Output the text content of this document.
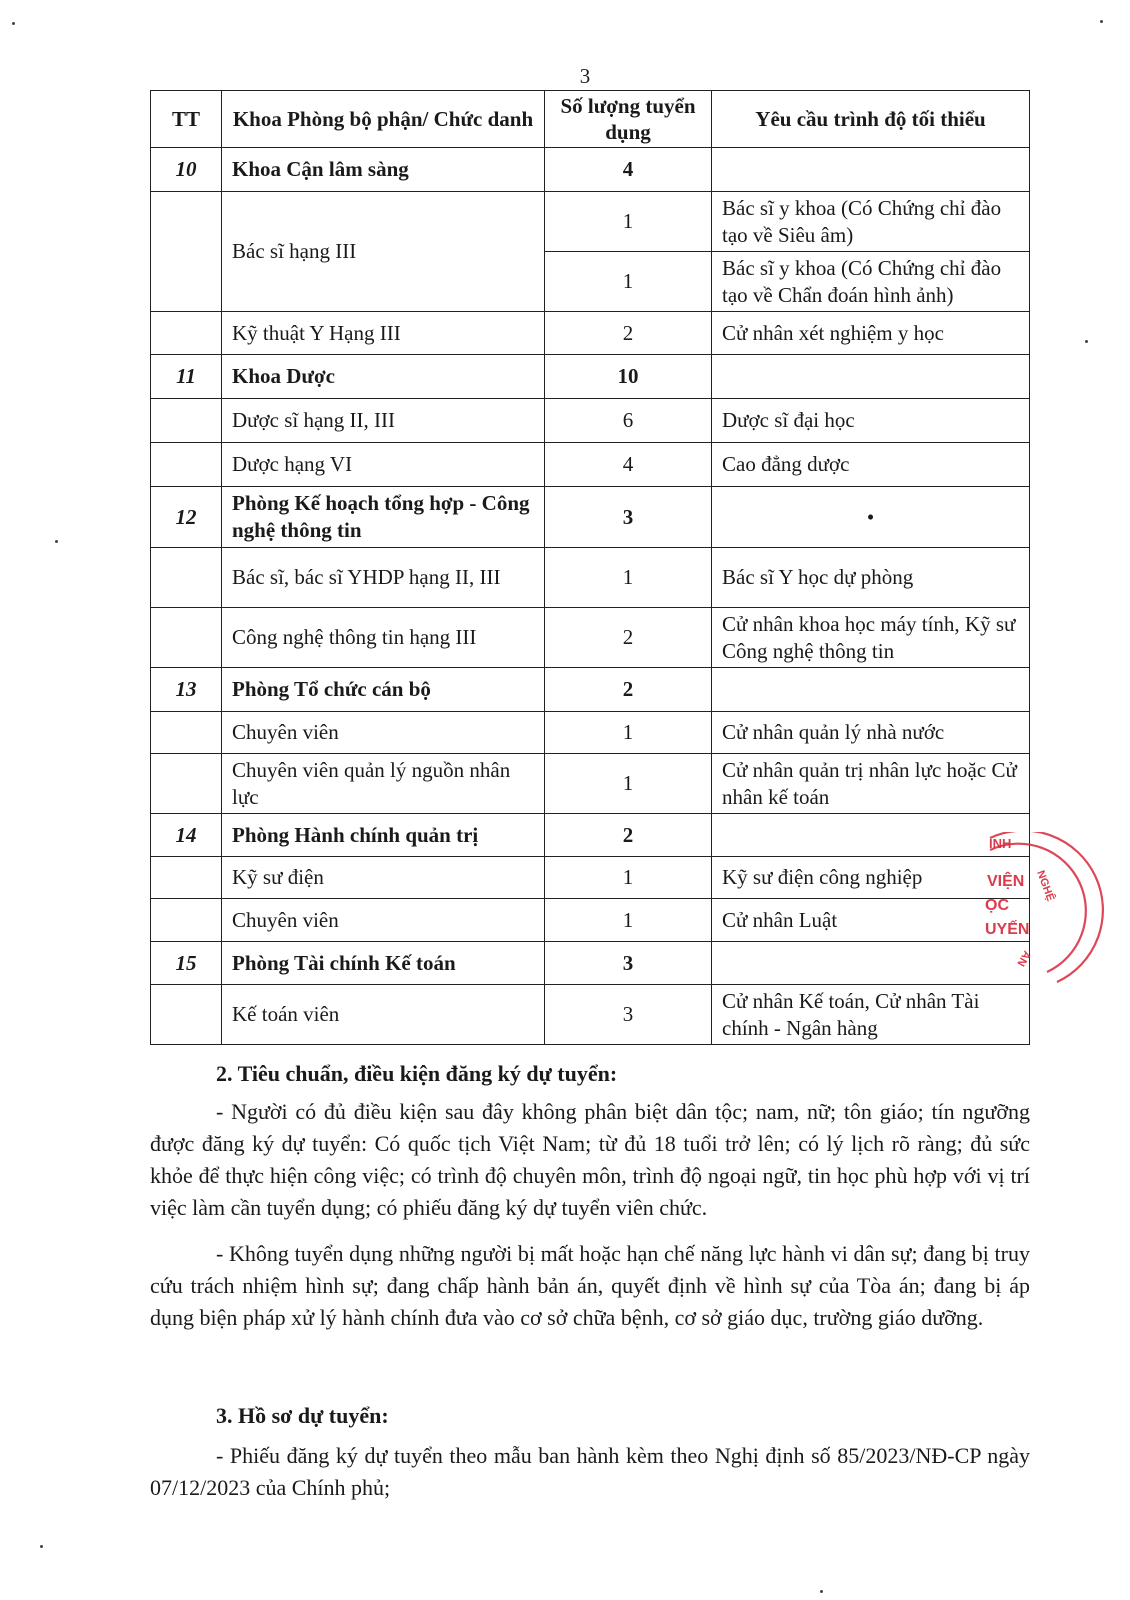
3
TT	Khoa Phòng bộ phận/ Chức danh	Số lượng tuyển dụng	Yêu cầu trình độ tối thiểu
10	Khoa Cận lâm sàng	4	
	Bác sĩ hạng III	1	Bác sĩ y khoa (Có Chứng chỉ đào tạo về Siêu âm)
		1	Bác sĩ y khoa (Có Chứng chỉ đào tạo về Chẩn đoán hình ảnh)
	Kỹ thuật Y Hạng III	2	Cử nhân xét nghiệm y học
11	Khoa Dược	10	
	Dược sĩ hạng II, III	6	Dược sĩ đại học
	Dược hạng VI	4	Cao đẳng dược
12	Phòng Kế hoạch tổng hợp - Công nghệ thông tin	3	•
	Bác sĩ, bác sĩ YHDP hạng II, III	1	Bác sĩ Y học dự phòng
	Công nghệ thông tin hạng III	2	Cử nhân khoa học máy tính, Kỹ sư Công nghệ thông tin
13	Phòng Tổ chức cán bộ	2	
	Chuyên viên	1	Cử nhân quản lý nhà nước
	Chuyên viên quản lý nguồn nhân lực	1	Cử nhân quản trị nhân lực hoặc Cử nhân kế toán
14	Phòng Hành chính quản trị	2	
	Kỹ sư điện	1	Kỹ sư điện công nghiệp
	Chuyên viên	1	Cử nhân Luật
15	Phòng Tài chính Kế toán	3	
	Kế toán viên	3	Cử nhân Kế toán, Cử nhân Tài chính - Ngân hàng
INH
VIỆN
ỌC
UYẾN
NGHỆ
AN

2. Tiêu chuẩn, điều kiện đăng ký dự tuyển:

- Người có đủ điều kiện sau đây không phân biệt dân tộc; nam, nữ; tôn giáo; tín ngưỡng được đăng ký dự tuyển: Có quốc tịch Việt Nam; từ đủ 18 tuổi trở lên; có lý lịch rõ ràng; đủ sức khỏe để thực hiện công việc; có trình độ chuyên môn, trình độ ngoại ngữ, tin học phù hợp với vị trí việc làm cần tuyển dụng; có phiếu đăng ký dự tuyển viên chức.

- Không tuyển dụng những người bị mất hoặc hạn chế năng lực hành vi dân sự; đang bị truy cứu trách nhiệm hình sự; đang chấp hành bản án, quyết định về hình sự của Tòa án; đang bị áp dụng biện pháp xử lý hành chính đưa vào cơ sở chữa bệnh, cơ sở giáo dục, trường giáo dưỡng.

3. Hồ sơ dự tuyển:

- Phiếu đăng ký dự tuyển theo mẫu ban hành kèm theo Nghị định số 85/2023/NĐ-CP ngày 07/12/2023 của Chính phủ;
